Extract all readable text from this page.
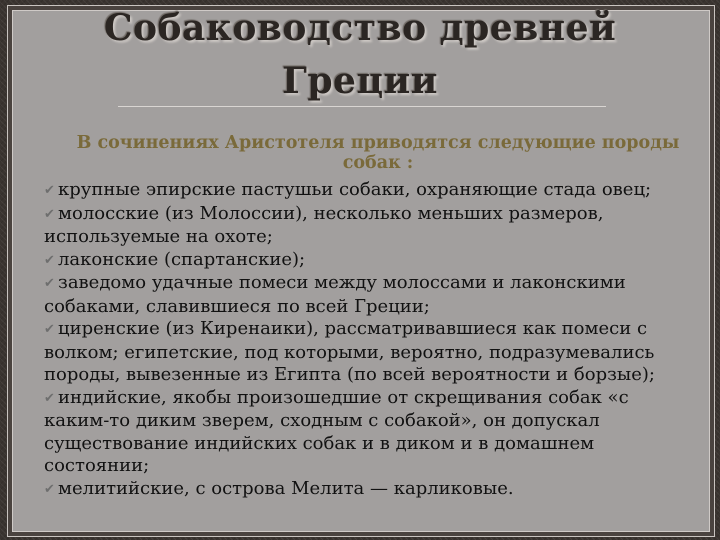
Собаководство древней
Греции

В сочинениях Аристотеля приводятся следующие породы
собак :

✔ крупные эпирские пастушьи собаки, охраняющие стада овец;
✔ молосские (из Молоссии), несколько меньших размеров,
используемые на охоте;
✔ лаконские (спартанские);
✔ заведомо удачные помеси между молоссами и лаконскими
собаками, славившиеся по всей Греции;
✔ циренские (из Киренаики), рассматривавшиеся как помеси с
волком; египетские, под которыми, вероятно, подразумевались
породы, вывезенные из Египта (по всей вероятности и борзые);
✔ индийские, якобы произошедшие от скрещивания собак «с
каким-то диким зверем, сходным с собакой», он допускал
существование индийских собак и в диком и в домашнем
состоянии;
✔ мелитийские, с острова Мелита — карликовые.
